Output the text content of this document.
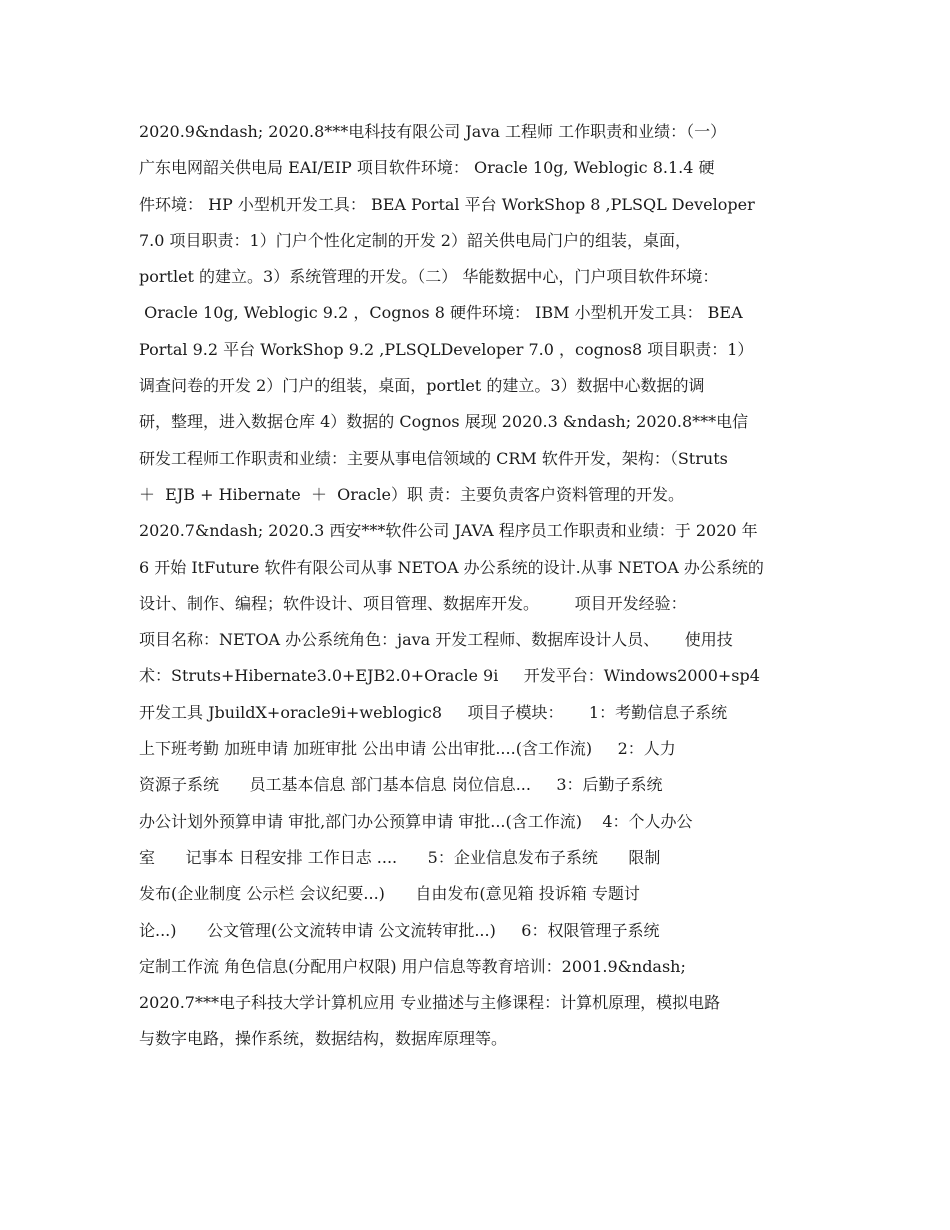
2020.9&ndash; 2020.8***电科技有限公司 Java 工程师 工作职责和业绩：（一）
广东电网韶关供电局 EAI/EIP 项目软件环境： Oracle 10g, Weblogic 8.1.4 硬
件环境： HP 小型机开发工具： BEA Portal 平台 WorkShop 8 ,PLSQL Developer
7.0 项目职责：1）门户个性化定制的开发 2）韶关供电局门户的组装，桌面，
portlet 的建立。3）系统管理的开发。（二） 华能数据中心，门户项目软件环境：
Oracle 10g, Weblogic 9.2 ，Cognos 8 硬件环境： IBM 小型机开发工具： BEA
Portal 9.2 平台 WorkShop 9.2 ,PLSQLDeveloper 7.0 ，cognos8 项目职责：1）
调查问卷的开发 2）门户的组装，桌面，portlet 的建立。3）数据中心数据的调
研，整理，进入数据仓库 4）数据的 Cognos 展现 2020.3 &ndash; 2020.8***电信
研发工程师工作职责和业绩：主要从事电信领域的 CRM 软件开发，架构：（Struts
＋  EJB + Hibernate  ＋  Oracle）职 责：主要负责客户资料管理的开发。
2020.7&ndash; 2020.3 西安***软件公司 JAVA 程序员工作职责和业绩：于 2020 年
6 开始 ItFuture 软件有限公司从事 NETOA 办公系统的设计.从事 NETOA 办公系统的
设计、制作、编程；软件设计、项目管理、数据库开发。       项目开发经验：
项目名称：NETOA 办公系统角色：java 开发工程师、数据库设计人员、     使用技
术：Struts+Hibernate3.0+EJB2.0+Oracle 9i     开发平台：Windows2000+sp4
开发工具 JbuildX+oracle9i+weblogic8     项目子模块：     1：考勤信息子系统
上下班考勤 加班申请 加班审批 公出申请 公出审批....(含工作流)     2：人力
资源子系统      员工基本信息 部门基本信息 岗位信息...     3：后勤子系统
办公计划外预算申请 审批,部门办公预算申请 审批...(含工作流)    4：个人办公
室      记事本 日程安排 工作日志 ....      5：企业信息发布子系统      限制
发布(企业制度 公示栏 会议纪要...)      自由发布(意见箱 投诉箱 专题讨
论...)      公文管理(公文流转申请 公文流转审批...)     6：权限管理子系统
定制工作流 角色信息(分配用户权限) 用户信息等教育培训：2001.9&ndash;
2020.7***电子科技大学计算机应用 专业描述与主修课程：计算机原理，模拟电路
与数字电路，操作系统，数据结构，数据库原理等。
